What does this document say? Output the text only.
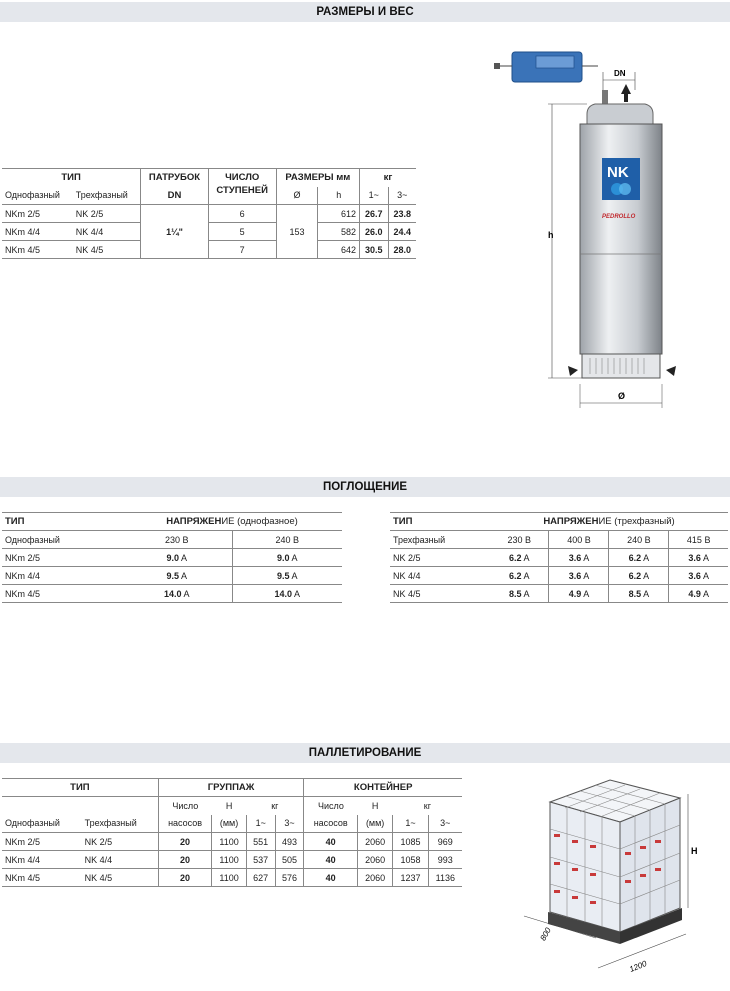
РАЗМЕРЫ И ВЕС
ПОГЛОЩЕНИЕ
ПАЛЛЕТИРОВАНИЕ
ТИП		ПАТРУБОК	ЧИСЛО	РАЗМЕРЫ мм		кг	
Однофазный	Трехфазный	DN	СТУПЕНЕЙ	Ø	h	1~	3~
NKm 2/5	NK 2/5	1¼"	6	153	612	26.7	23.8
NKm 4/4	NK 4/4		5		582	26.0	24.4
NKm 4/5	NK 4/5		7		642	30.5	28.0
DN
NK
PEDROLLO
h
Ø
ТИП	НАПРЯЖЕНИЕ (однофазное)	
Однофазный	230 В	240 В
NKm 2/5	9.0 A	9.0 A
NKm 4/4	9.5 A	9.5 A
NKm 4/5	14.0 A	14.0 A
ТИП	НАПРЯЖЕНИЕ (трехфазный)			
Трехфазный	230 В	400 В	240 В	415 В
NK 2/5	6.2 A	3.6 A	6.2 A	3.6 A
NK 4/4	6.2 A	3.6 A	6.2 A	3.6 A
NK 4/5	8.5 A	4.9 A	8.5 A	4.9 A
ТИП		ГРУППАЖ				КОНТЕЙНЕР			
		Число	H	кг		Число	H	кг	
Однофазный	Трехфазный	насосов	(мм)	1~	3~	насосов	(мм)	1~	3~
NKm 2/5	NK 2/5	20	1100	551	493	40	2060	1085	969
NKm 4/4	NK 4/4	20	1100	537	505	40	2060	1058	993
NKm 4/5	NK 4/5	20	1100	627	576	40	2060	1237	1136
H
800
1200
